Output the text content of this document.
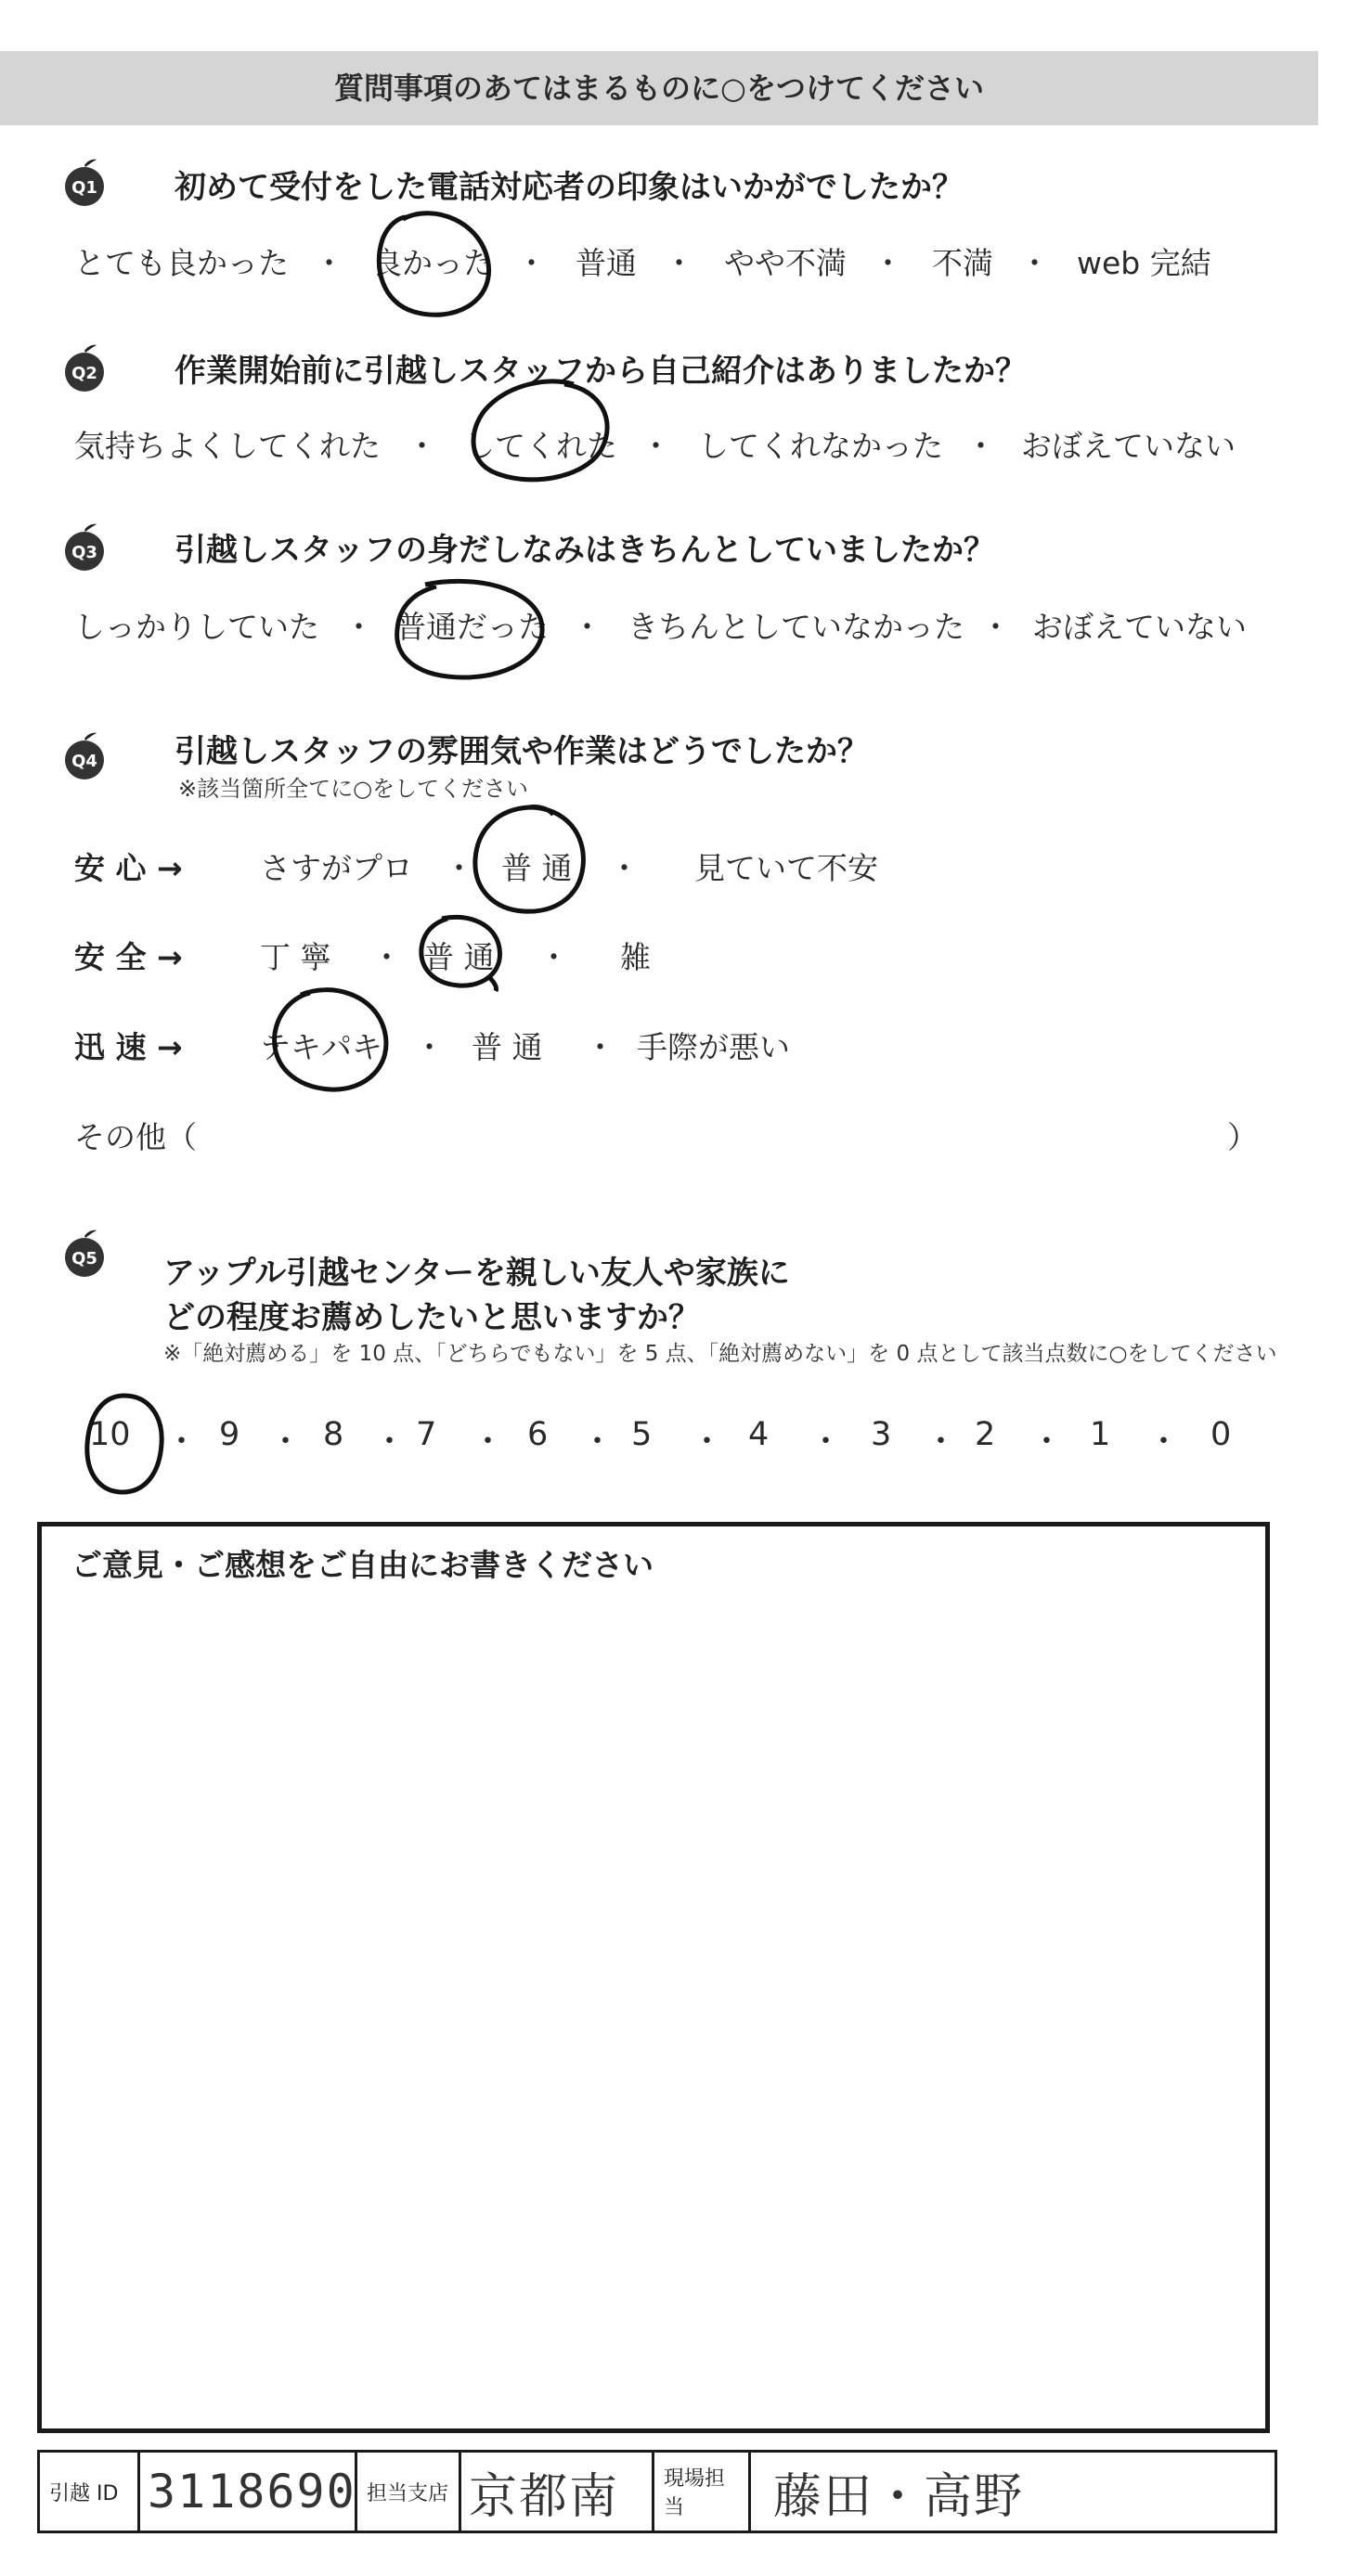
質問事項のあてはまるものに○をつけてください
Q1 初めて受付をした電話対応者の印象はいかがでしたか？
とても良かった ・ 良かった ・ 普通 ・ やや不満 ・ 不満 ・ web 完結
Q2 作業開始前に引越しスタッフから自己紹介はありましたか？
気持ちよくしてくれた ・ してくれた ・ してくれなかった ・ おぼえていない
Q3 引越しスタッフの身だしなみはきちんとしていましたか？
しっかりしていた ・ 普通だった ・ きちんとしていなかった ・ おぼえていない
Q4 引越しスタッフの雰囲気や作業はどうでしたか？
※該当箇所全てに○をしてください
安 心 →	さすがプロ ・ 普 通 ・ 見ていて不安
安 全 →	丁 寧 ・ 普 通 ・ 雑
迅 速 →	テキパキ ・ 普 通 ・ 手際が悪い
その他（	）
Q5 アップル引越センターを親しい友人や家族に
どの程度お薦めしたいと思いますか？
※「絶対薦める」を 10 点、「どちらでもない」を 5 点、「絶対薦めない」を 0 点として該当点数に○をしてください
10 ・ 9 ・ 8 ・ 7 ・ 6 ・ 5 ・ 4 ・ 3 ・ 2 ・ 1 ・ 0
ご意見・ご感想をご自由にお書きください
引越 ID 3118690 担当支店 京都南	現場担当	藤田・高野
